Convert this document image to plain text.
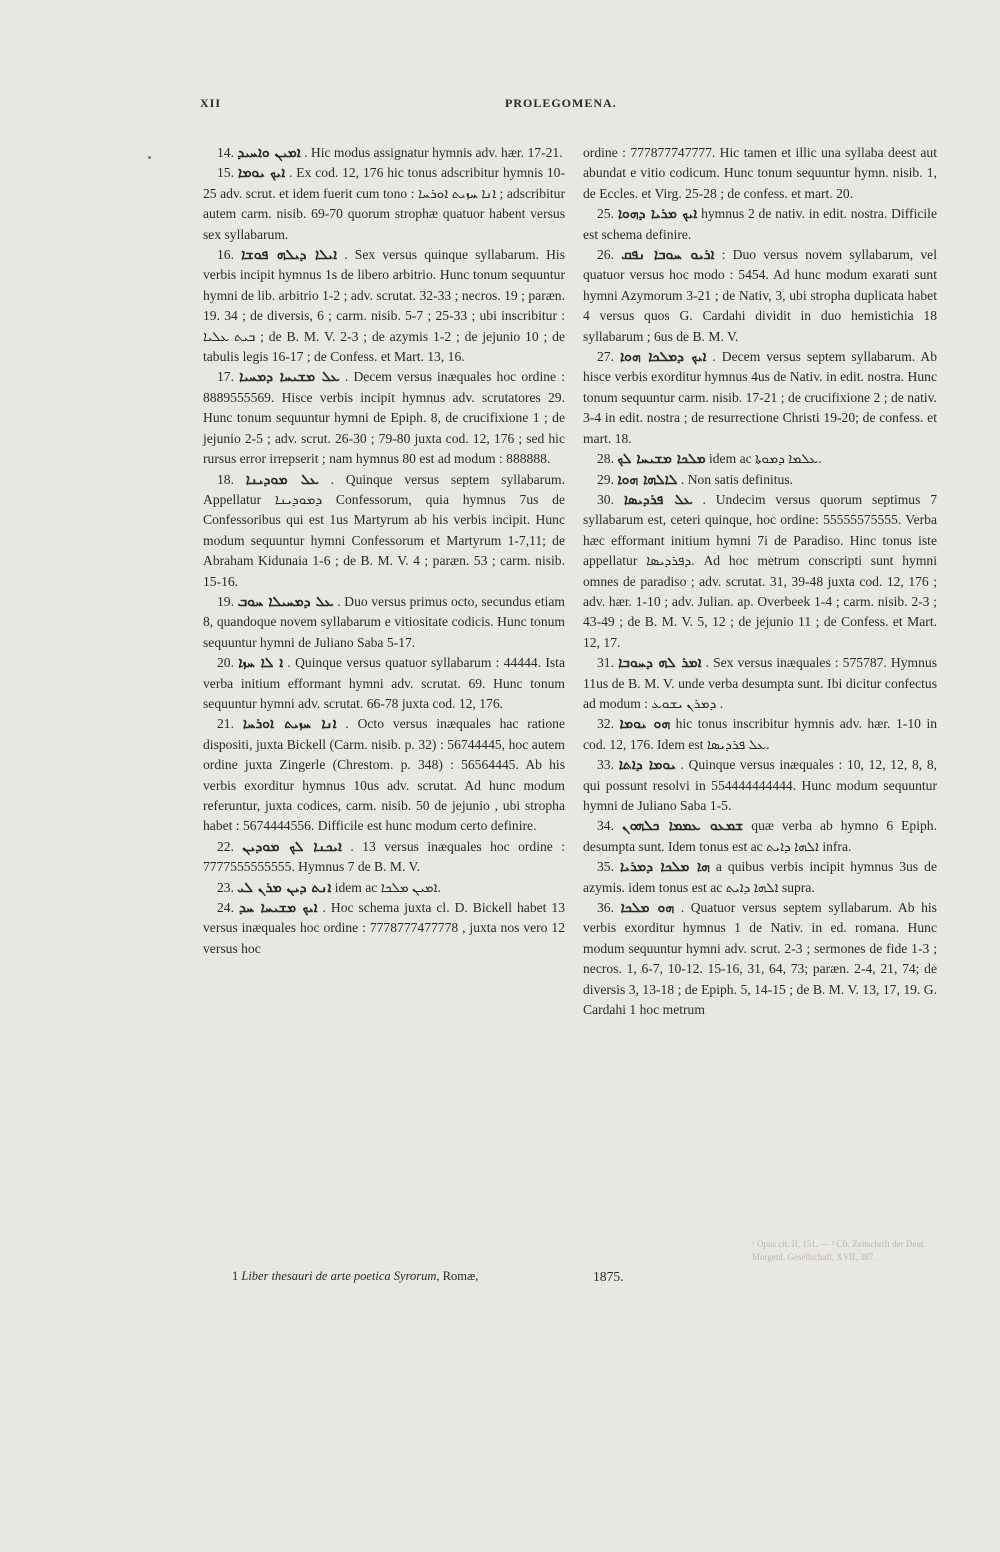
XII	PROLEGOMENA.

14. ܐܡܝܢ ܘܐܚܝܕ . Hic modus assignatur hymnis adv. hær. 17-21.

15. ܐܝܟ ܝܘܡܐ . Ex cod. 12, 176 hic tonus adscribitur hymnis 10-25 adv. scrut. et idem fuerit cum tono : ܐܢܐ ܚܙܝܬ ܐܘܪܚܐ ; adscribitur autem carm. nisib. 69-70 quorum strophæ quatuor habent versus sex syllabarum.

16. ܐܝܠܐ ܕܝܠܗ ܦܘܫܐ . Sex versus quinque syllabarum. His verbis incipit hymnus 1s de libero arbitrio. Hunc tonum sequuntur hymni de lib. arbitrio 1-2 ; adv. scrutat. 32-33 ; necros. 19 ; paræn. 19. 34 ; de diversis, 6 ; carm. nisib. 5-7 ; 25-33 ; ubi inscribitur : ܒܝܬ ܥܠܝܐ ; de B. M. V. 2-3 ; de azymis 1-2 ; de jejunio 10 ; de tabulis legis 16-17 ; de Confess. et Mart. 13, 16.

17. ܥܠ ܡܫܝܚܐ ܕܡܚܝܐ . Decem versus inæquales hoc ordine : 8889555569. Hisce verbis incipit hymnus adv. scrutatores 29. Hunc tonum sequuntur hymni de Epiph. 8, de crucifixione 1 ; de jejunio 2-5 ; adv. scrut. 26-30 ; 79-80 juxta cod. 12, 176 ; sed hic rursus error irrepserit ; nam hymnus 80 est ad modum : 888888.

18. ܥܠ ܡܘܕܝܢܐ . Quinque versus septem syllabarum. Appellatur ܕܡܘܕܝܢܐ Confessorum, quia hymnus 7us de Confessoribus qui est 1us Martyrum ab his verbis incipit. Hunc modum sequuntur hymni Confessorum et Martyrum 1-7,11; de Abraham Kidunaia 1-6 ; de B. M. V. 4 ; paræn. 53 ; carm. nisib. 15-16.

19. ܥܠ ܕܡܚܝܠܐ ܚܘܒ . Duo versus primus octo, secundus etiam 8, quandoque novem syllabarum e vitiositate codicis. Hunc tonum sequuntur hymni de Juliano Saba 5-17.

20. ܐ ܠܐ ܚܙܐ . Quinque versus quatuor syllabarum : 44444. Ista verba initium efformant hymni adv. scrutat. 69. Hunc tonum sequuntur hymni adv. scrutat. 66-78 juxta cod. 12, 176.

21. ܐܢܐ ܚܙܝܬ ܐܘܪܚܐ . Octo versus inæquales hac ratione dispositi, juxta Bickell (Carm. nisib. p. 32) : 56744445, hoc autem ordine juxta Zingerle (Chrestom. p. 348) : 56564445. Ab his verbis exorditur hymnus 10us adv. scrutat. Ad hunc modum referuntur, juxta codices, carm. nisib. 50 de jejunio , ubi stropha habet : 5674444556. Difficile est hunc modum certo definire.

22. ܐܝܟܢܐ ܠܟ ܡܘܕܝܢ . 13 versus inæquales hoc ordine : 7777555555555. Hymnus 7 de B. M. V.

23. ܐܢܬ ܕܝܢ ܡܪܢ ܠܝ idem ac ܐܡܝܢ ܡܠܟܐ.

24. ܐܝܟ ܡܫܝܚܐ ܚܕ . Hoc schema juxta cl. D. Bickell habet 13 versus inæquales hoc ordine : 7778777477778 , juxta nos vero 12 versus hoc

ordine : 777877747777. Hic tamen et illic una syllaba deest aut abundat e vitio codicum. Hunc tonum sequuntur hymn. nisib. 1, de Eccles. et Virg. 25-28 ; de confess. et mart. 20.

25. ܐܝܟ ܡܪܝܐ ܕܗܘܐ hymnus 2 de nativ. in edit. nostra. Difficile est schema definire.

26. ܐܪܝܘ ܚܘܒܐ ܢܦܩ : Duo versus novem syllabarum, vel quatuor versus hoc modo : 5454. Ad hunc modum exarati sunt hymni Azymorum 3-21 ; de Nativ, 3, ubi stropha duplicata habet 4 versus quos G. Cardahi dividit in duo hemistichia 18 syllabarum ; 6us de B. M. V.

27. ܐܝܟ ܕܡܠܟܐ ܗܘܐ . Decem versus septem syllabarum. Ab hisce verbis exorditur hymnus 4us de Nativ. in edit. nostra. Hunc tonum sequuntur carm. nisib. 17-21 ; de crucifixione 2 ; de nativ. 3-4 in edit. nostra ; de resurrectione Christi 19-20; de confess. et mart. 18.

28. ܡܠܟܐ ܡܫܝܚܐ ܠܟ idem ac ܥܠܡܐ ܕܡܘܬܐ.

29. ܠܐܠܗܐ ܗܘܐ . Non satis definitus.

30. ܥܠ ܦܪܕܝܣܐ . Undecim versus quorum septimus 7 syllabarum est, ceteri quinque, hoc ordine: 55555575555. Verba hæc efformant initium hymni 7i de Paradiso. Hinc tonus iste appellatur ܕܦܪܕܝܣܐ. Ad hoc metrum conscripti sunt hymni omnes de paradiso ; adv. scrutat. 31, 39-48 juxta cod. 12, 176 ; adv. hær. 1-10 ; adv. Julian. ap. Overbeek 1-4 ; carm. nisib. 2-3 ; 43-49 ; de B. M. V. 5, 12 ; de jejunio 11 ; de Confess. et Mart. 12, 17.

31. ܐܡܪ ܠܗ ܕܚܘܒܐ . Sex versus inæquales : 575787. Hymnus 11us de B. M. V. unde verba desumpta sunt. Ibi dicitur confectus ad modum : ܕܡܪܢ ܝܫܘܥ .

32. ܗܘ ܝܘܡܐ hic tonus inscribitur hymnis adv. hær. 1-10 in cod. 12, 176. Idem est ܥܠ ܦܪܕܝܣܐ.

33. ܝܘܡܐ ܕܐܬܐ . Quinque versus inæquales : 10, 12, 12, 8, 8, qui possunt resolvi in 554444444444. Hunc modum sequuntur hymni de Juliano Saba 1-5.

34. ܫܡܥܘ ܥܡܡܐ ܟܠܗܘܢ quæ verba ab hymno 6 Epiph. desumpta sunt. Idem tonus est ac ܐܠܗܐ ܕܐܝܬ infra.

35. ܗܐ ܡܠܟܐ ܕܡܪܝܐ a quibus verbis incipit hymnus 3us de azymis. idem tonus est ac ܐܠܗܐ ܕܐܝܬ supra.

36. ܗܘ ܡܠܟܐ . Quatuor versus septem syllabarum. Ab his verbis exorditur hymnus 1 de Nativ. in ed. romana. Hunc modum sequuntur hymni adv. scrut. 2-3 ; sermones de fide 1-3 ; necros. 1, 6-7, 10-12. 15-16, 31, 64, 73; paræn. 2-4, 21, 74; de diversis 3, 13-18 ; de Epiph. 5, 14-15 ; de B. M. V. 13, 17, 19. G. Cardahi 1 hoc metrum

1 Liber thesauri de arte poetica Syrorum, Romæ,	1875.
¹ Opus cit. II, 151. — ² Cfr. Zeitschrift der Deut. Morgenl. Gesellschaft, XVII, 387.
